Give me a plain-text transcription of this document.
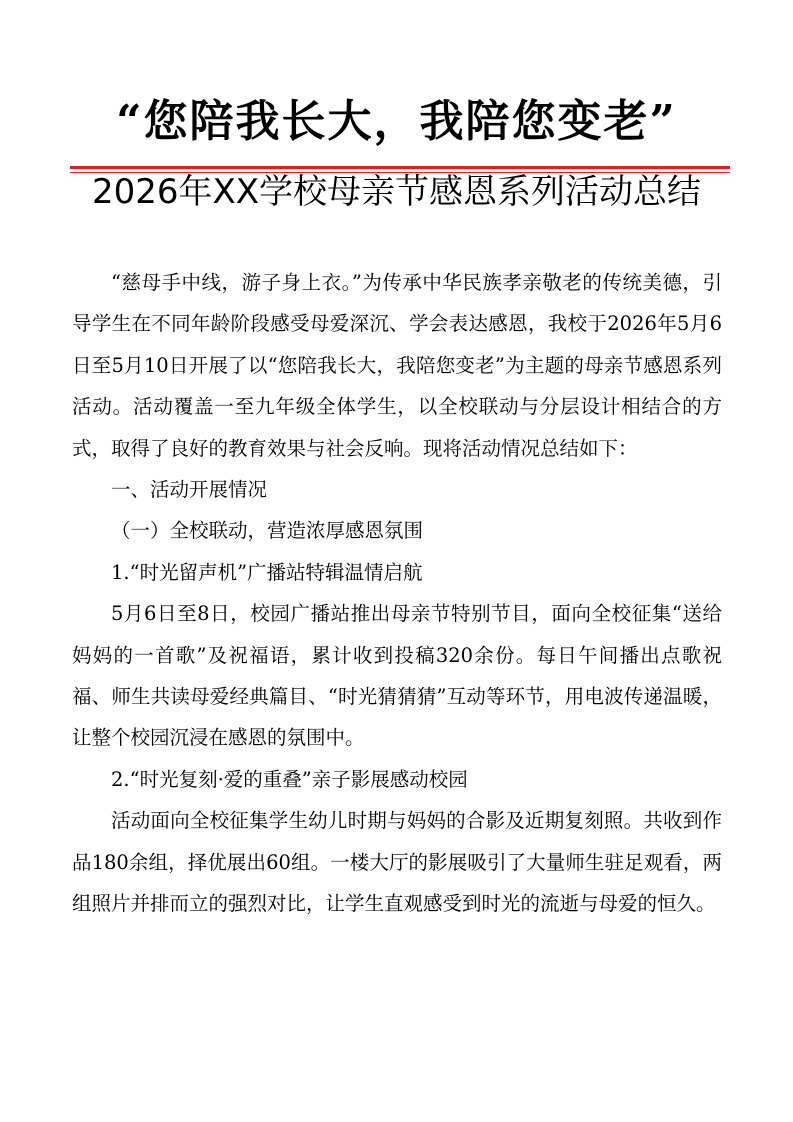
“您陪我长大，我陪您变老”
2026年XX学校母亲节感恩系列活动总结

“慈母手中线，游子身上衣。”为传承中华民族孝亲敬老的传统美德，引导学生在不同年龄阶段感受母爱深沉、学会表达感恩，我校于2026年5月6日至5月10日开展了以“您陪我长大，我陪您变老”为主题的母亲节感恩系列活动。活动覆盖一至九年级全体学生，以全校联动与分层设计相结合的方式，取得了良好的教育效果与社会反响。现将活动情况总结如下：

一、活动开展情况

（一）全校联动，营造浓厚感恩氛围

1.“时光留声机”广播站特辑温情启航

5月6日至8日，校园广播站推出母亲节特别节目，面向全校征集“送给妈妈的一首歌”及祝福语，累计收到投稿320余份。每日午间播出点歌祝福、师生共读母爱经典篇目、“时光猜猜猜”互动等环节，用电波传递温暖，让整个校园沉浸在感恩的氛围中。

2.“时光复刻·爱的重叠”亲子影展感动校园

活动面向全校征集学生幼儿时期与妈妈的合影及近期复刻照。共收到作品180余组，择优展出60组。一楼大厅的影展吸引了大量师生驻足观看，两组照片并排而立的强烈对比，让学生直观感受到时光的流逝与母爱的恒久。
